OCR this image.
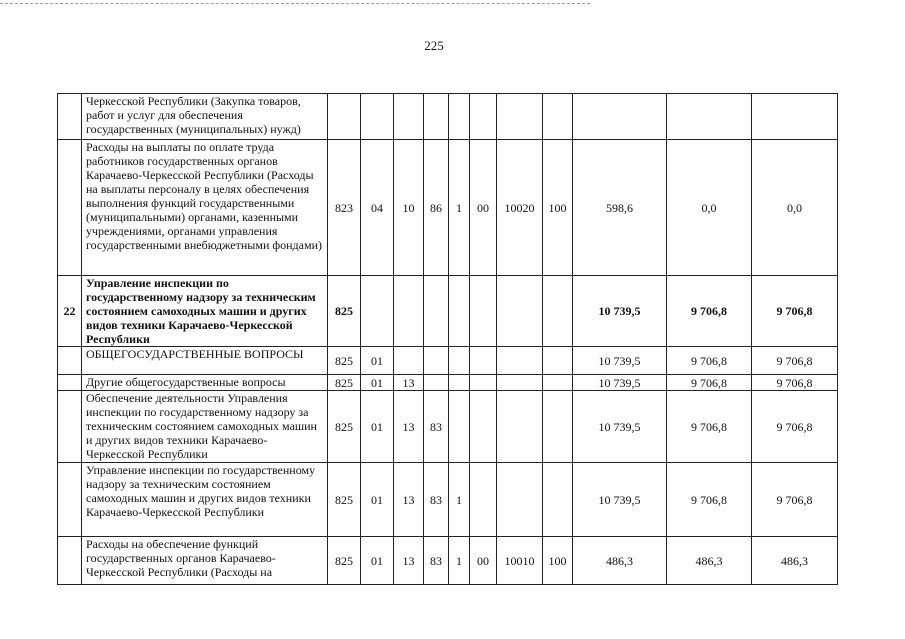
225
	Черкесской Республики (Закупка товаров, работ и услуг для обеспечения государственных (муниципальных) нужд)											
	Расходы на выплаты по оплате труда работников государственных органов Карачаево-Черкесской Республики (Расходы на выплаты персоналу в целях обеспечения выполнения функций государственными (муниципальными) органами, казенными учреждениями, органами управления государственными внебюджетными фондами)	823	04	10	86	1	00	10020	100	598,6	0,0	0,0
22	Управление инспекции по государственному надзору за техническим состоянием самоходных машин и других видов техники Карачаево-Черкесской Республики	825								10 739,5	9 706,8	9 706,8
	ОБЩЕГОСУДАРСТВЕННЫЕ ВОПРОСЫ	825	01							10 739,5	9 706,8	9 706,8
	Другие общегосударственные вопросы	825	01	13						10 739,5	9 706,8	9 706,8
	Обеспечение деятельности Управления инспекции по государственному надзору за техническим состоянием самоходных машин и других видов техники Карачаево-Черкесской Республики	825	01	13	83					10 739,5	9 706,8	9 706,8
	Управление инспекции по государственному надзору за техническим состоянием самоходных машин и других видов техники Карачаево-Черкесской Республики	825	01	13	83	1				10 739,5	9 706,8	9 706,8
	Расходы на обеспечение функций государственных органов Карачаево-Черкесской Республики (Расходы на	825	01	13	83	1	00	10010	100	486,3	486,3	486,3
